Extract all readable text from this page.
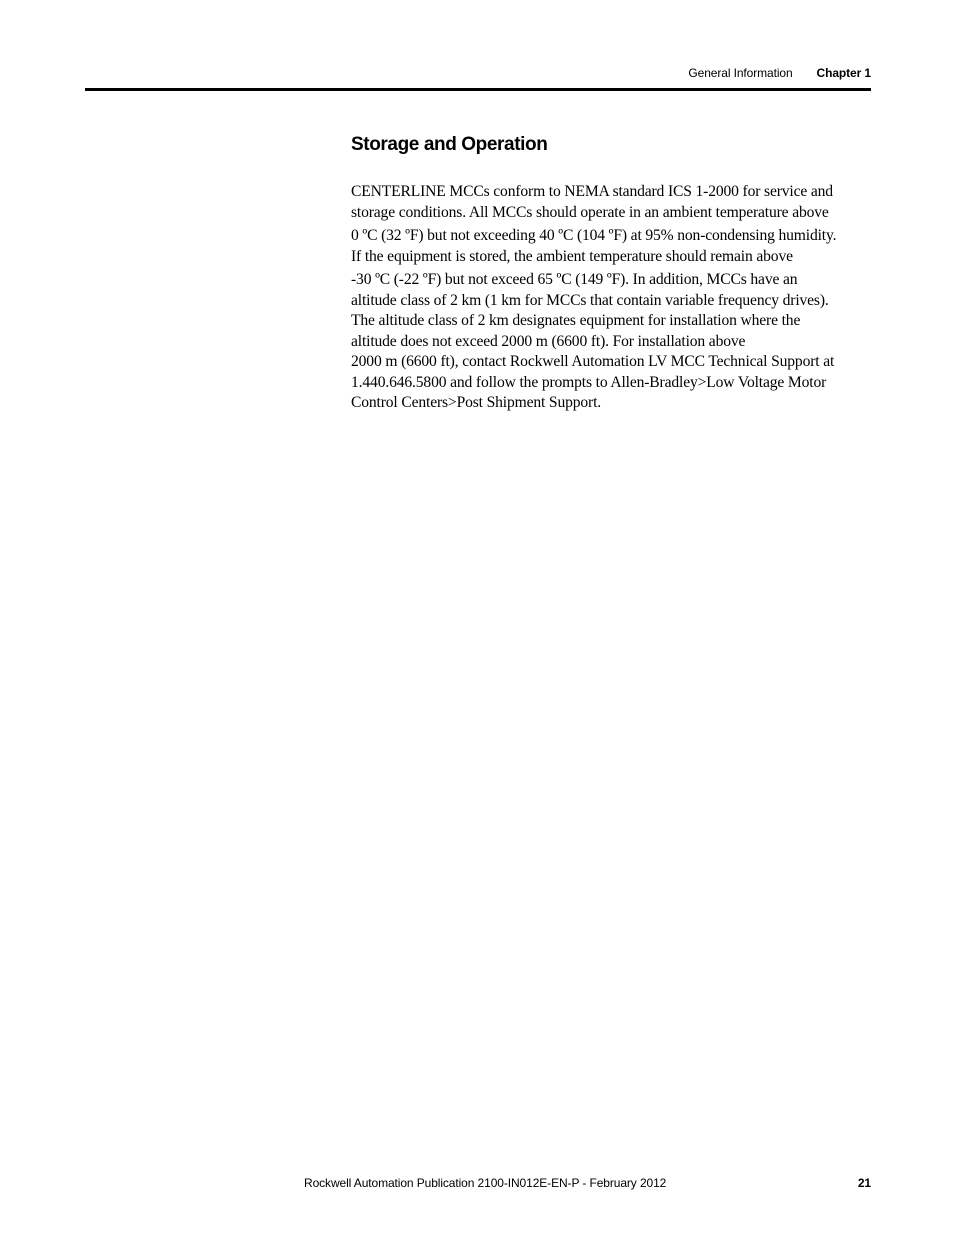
General Information Chapter 1
Storage and Operation
CENTERLINE MCCs conform to NEMA standard ICS 1-2000 for service and
storage conditions. All MCCs should operate in an ambient temperature above
0 ºC (32 ºF) but not exceeding 40 ºC (104 ºF) at 95% non-condensing humidity.
If the equipment is stored, the ambient temperature should remain above
-30 ºC (-22 ºF) but not exceed 65 ºC (149 ºF). In addition, MCCs have an
altitude class of 2 km (1 km for MCCs that contain variable frequency drives).
The altitude class of 2 km designates equipment for installation where the
altitude does not exceed 2000 m (6600 ft). For installation above
2000 m (6600 ft), contact Rockwell Automation LV MCC Technical Support at
1.440.646.5800 and follow the prompts to Allen-Bradley>Low Voltage Motor
Control Centers>Post Shipment Support.
Rockwell Automation Publication 2100-IN012E-EN-P - February 2012	21
